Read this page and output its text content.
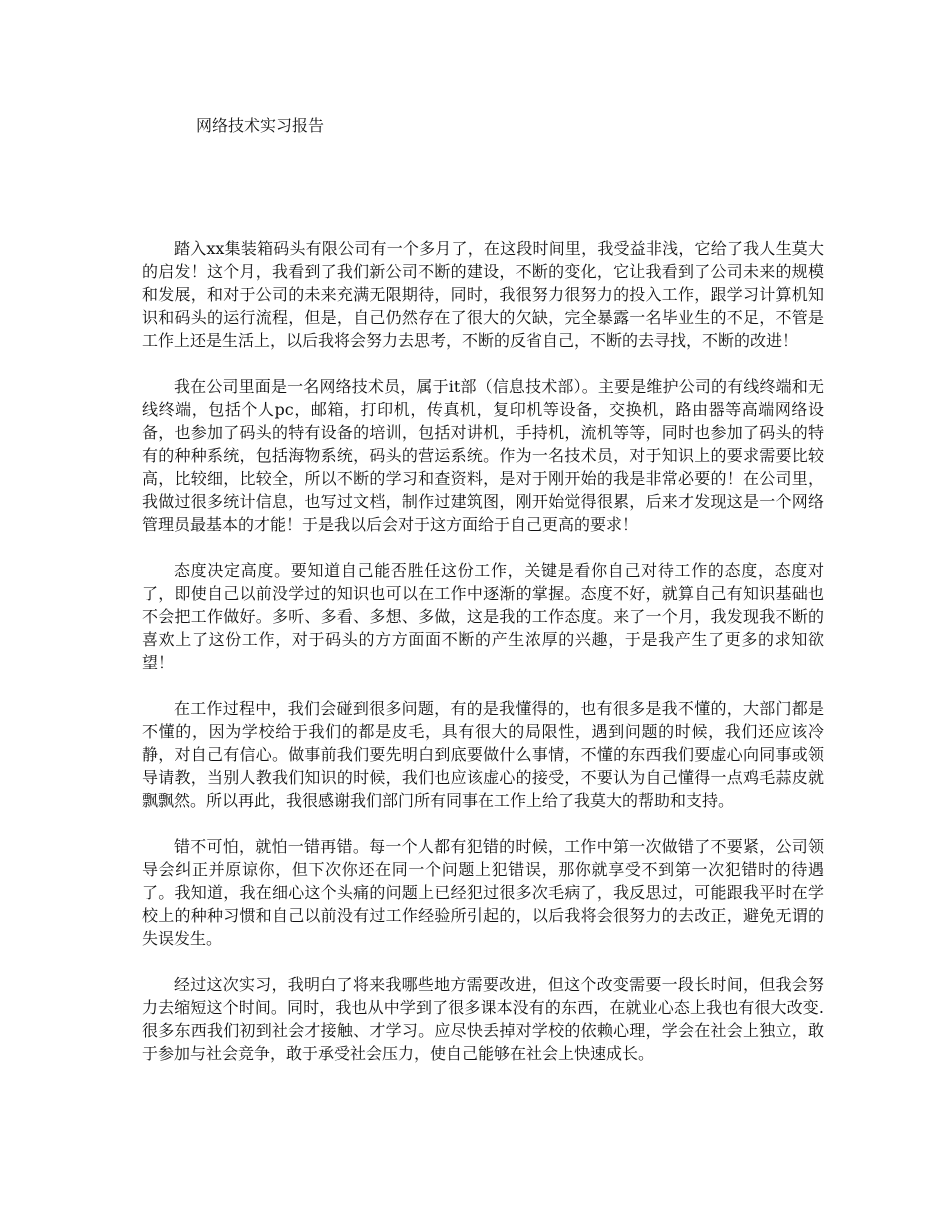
网络技术实习报告

踏入xx集装箱码头有限公司有一个多月了，在这段时间里，我受益非浅，它给了我人生莫大的启发！这个月，我看到了我们新公司不断的建设，不断的变化，它让我看到了公司未来的规模和发展，和对于公司的未来充满无限期待，同时，我很努力很努力的投入工作，跟学习计算机知识和码头的运行流程，但是，自己仍然存在了很大的欠缺，完全暴露一名毕业生的不足，不管是工作上还是生活上，以后我将会努力去思考，不断的反省自己，不断的去寻找，不断的改进！

我在公司里面是一名网络技术员，属于it部（信息技术部）。主要是维护公司的有线终端和无线终端，包括个人pc，邮箱，打印机，传真机，复印机等设备，交换机，路由器等高端网络设备，也参加了码头的特有设备的培训，包括对讲机，手持机，流机等等，同时也参加了码头的特有的种种系统，包括海物系统，码头的营运系统。作为一名技术员，对于知识上的要求需要比较高，比较细，比较全，所以不断的学习和查资料，是对于刚开始的我是非常必要的！在公司里，我做过很多统计信息，也写过文档，制作过建筑图，刚开始觉得很累，后来才发现这是一个网络管理员最基本的才能！于是我以后会对于这方面给于自己更高的要求！

态度决定高度。要知道自己能否胜任这份工作，关键是看你自己对待工作的态度，态度对了，即使自己以前没学过的知识也可以在工作中逐渐的掌握。态度不好，就算自己有知识基础也不会把工作做好。多听、多看、多想、多做，这是我的工作态度。来了一个月，我发现我不断的喜欢上了这份工作，对于码头的方方面面不断的产生浓厚的兴趣，于是我产生了更多的求知欲望！

在工作过程中，我们会碰到很多问题，有的是我懂得的，也有很多是我不懂的，大部门都是不懂的，因为学校给于我们的都是皮毛，具有很大的局限性，遇到问题的时候，我们还应该冷静，对自己有信心。做事前我们要先明白到底要做什么事情，不懂的东西我们要虚心向同事或领导请教，当别人教我们知识的时候，我们也应该虚心的接受，不要认为自己懂得一点鸡毛蒜皮就飘飘然。所以再此，我很感谢我们部门所有同事在工作上给了我莫大的帮助和支持。

错不可怕，就怕一错再错。每一个人都有犯错的时候，工作中第一次做错了不要紧，公司领导会纠正并原谅你，但下次你还在同一个问题上犯错误，那你就享受不到第一次犯错时的待遇了。我知道，我在细心这个头痛的问题上已经犯过很多次毛病了，我反思过，可能跟我平时在学校上的种种习惯和自己以前没有过工作经验所引起的，以后我将会很努力的去改正，避免无谓的失误发生。

经过这次实习，我明白了将来我哪些地方需要改进，但这个改变需要一段长时间，但我会努力去缩短这个时间。同时，我也从中学到了很多课本没有的东西，在就业心态上我也有很大改变.很多东西我们初到社会才接触、才学习。应尽快丢掉对学校的依赖心理，学会在社会上独立，敢于参加与社会竞争，敢于承受社会压力，使自己能够在社会上快速成长。
